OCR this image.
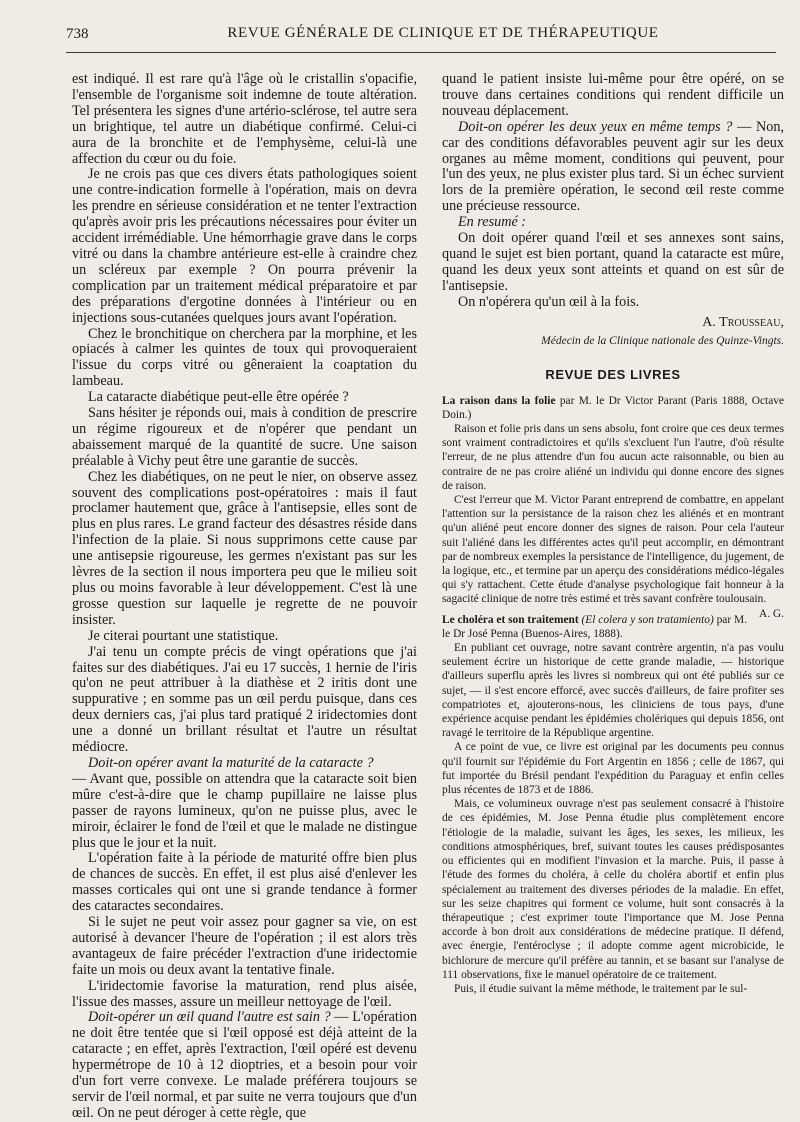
738	REVUE GÉNÉRALE DE CLINIQUE ET DE THÉRAPEUTIQUE

est indiqué. Il est rare qu'à l'âge où le cristallin s'opacifie, l'ensemble de l'organisme soit indemne de toute altération. Tel présentera les signes d'une artério-sclérose, tel autre sera un brightique, tel autre un diabétique confirmé. Celui-ci aura de la bronchite et de l'emphysème, celui-là une affection du cœur ou du foie.

Je ne crois pas que ces divers états pathologiques soient une contre-indication formelle à l'opération, mais on devra les prendre en sérieuse considération et ne tenter l'extraction qu'après avoir pris les précautions nécessaires pour éviter un accident irrémédiable. Une hémorrhagie grave dans le corps vitré ou dans la chambre antérieure est-elle à craindre chez un scléreux par exemple ? On pourra prévenir la complication par un traitement médical préparatoire et par des préparations d'ergotine données à l'intérieur ou en injections sous-cutanées quelques jours avant l'opération.

Chez le bronchitique on cherchera par la morphine, et les opiacés à calmer les quintes de toux qui provoqueraient l'issue du corps vitré ou gêneraient la coaptation du lambeau.

La cataracte diabétique peut-elle être opérée ?

Sans hésiter je réponds oui, mais à condition de prescrire un régime rigoureux et de n'opérer que pendant un abaissement marqué de la quantité de sucre. Une saison préalable à Vichy peut être une garantie de succès.

Chez les diabétiques, on ne peut le nier, on observe assez souvent des complications post-opératoires : mais il faut proclamer hautement que, grâce à l'antisepsie, elles sont de plus en plus rares. Le grand facteur des désastres réside dans l'infection de la plaie. Si nous supprimons cette cause par une antisepsie rigoureuse, les germes n'existant pas sur les lèvres de la section il nous importera peu que le milieu soit plus ou moins favorable à leur développement. C'est là une grosse question sur laquelle je regrette de ne pouvoir insister.

Je citerai pourtant une statistique.

J'ai tenu un compte précis de vingt opérations que j'ai faites sur des diabétiques. J'ai eu 17 succès, 1 hernie de l'iris qu'on ne peut attribuer à la diathèse et 2 iritis dont une suppurative ; en somme pas un œil perdu puisque, dans ces deux derniers cas, j'ai plus tard pratiqué 2 iridectomies dont une a donné un brillant résultat et l'autre un résultat médiocre.

Doit-on opérer avant la maturité de la cataracte ?

— Avant que, possible on attendra que la cataracte soit bien mûre c'est-à-dire que le champ pupillaire ne laisse plus passer de rayons lumineux, qu'on ne puisse plus, avec le miroir, éclairer le fond de l'œil et que le malade ne distingue plus que le jour et la nuit.

L'opération faite à la période de maturité offre bien plus de chances de succès. En effet, il est plus aisé d'enlever les masses corticales qui ont une si grande tendance à former des cataractes secondaires.

Si le sujet ne peut voir assez pour gagner sa vie, on est autorisé à devancer l'heure de l'opération ; il est alors très avantageux de faire précéder l'extraction d'une iridectomie faite un mois ou deux avant la tentative finale.

L'iridectomie favorise la maturation, rend plus aisée, l'issue des masses, assure un meilleur nettoyage de l'œil.

Doit-opérer un œil quand l'autre est sain ? — L'opération ne doit être tentée que si l'œil opposé est déjà atteint de la cataracte ; en effet, après l'extraction, l'œil opéré est devenu hypermétrope de 10 à 12 dioptries, et a besoin pour voir d'un fort verre convexe. Le malade préférera toujours se servir de l'œil normal, et par suite ne verra toujours que d'un œil. On ne peut déroger à cette règle, que

quand le patient insiste lui-même pour être opéré, on se trouve dans certaines conditions qui rendent difficile un nouveau déplacement.

Doit-on opérer les deux yeux en même temps ? — Non, car des conditions défavorables peuvent agir sur les deux organes au même moment, conditions qui peuvent, pour l'un des yeux, ne plus exister plus tard. Si un échec survient lors de la première opération, le second œil reste comme une précieuse ressource.

En resumé :

On doit opérer quand l'œil et ses annexes sont sains, quand le sujet est bien portant, quand la cataracte est mûre, quand les deux yeux sont atteints et quand on est sûr de l'antisepsie.

On n'opérera qu'un œil à la fois.

A. Trousseau,
Médecin de la Clinique nationale des Quinze-Vingts.
REVUE DES LIVRES

La raison dans la folie par M. le Dr Victor Parant (Paris 1888, Octave Doin.)

Raison et folie pris dans un sens absolu, font croire que ces deux termes sont vraiment contradictoires et qu'ils s'excluent l'un l'autre, d'où résulte l'erreur, de ne plus attendre d'un fou aucun acte raisonnable, ou bien au contraire de ne pas croire aliéné un individu qui donne encore des signes de raison.

C'est l'erreur que M. Victor Parant entreprend de combattre, en appelant l'attention sur la persistance de la raison chez les aliénés et en montrant qu'un aliéné peut encore donner des signes de raison. Pour cela l'auteur suit l'aliéné dans les différentes actes qu'il peut accomplir, en démontrant par de nombreux exemples la persistance de l'intelligence, du jugement, de la logique, etc., et termine par un aperçu des considérations médico-légales qui s'y rattachent. Cette étude d'analyse psychologique fait honneur à la sagacité clinique de notre très estimé et très savant confrère toulousain.
A. G.

Le choléra et son traitement (El colera y son tratamiento) par M. le Dr José Penna (Buenos-Aires, 1888).

En publiant cet ouvrage, notre savant contrère argentin, n'a pas voulu seulement écrire un historique de cette grande maladie, — historique d'ailleurs superflu après les livres si nombreux qui ont été publiés sur ce sujet, — il s'est encore efforcé, avec succès d'ailleurs, de faire profiter ses compatriotes et, ajouterons-nous, les cliniciens de tous pays, d'une expérience acquise pendant les épidémies cholériques qui depuis 1856, ont ravagé le territoire de la République argentine.

A ce point de vue, ce livre est original par les documents peu connus qu'il fournit sur l'épidémie du Fort Argentin en 1856 ; celle de 1867, qui fut importée du Brésil pendant l'expédition du Paraguay et enfin celles plus récentes de 1873 et de 1886.

Mais, ce volumineux ouvrage n'est pas seulement consacré à l'histoire de ces épidémies, M. Jose Penna étudie plus complètement encore l'étiologie de la maladie, suivant les âges, les sexes, les milieux, les conditions atmosphériques, bref, suivant toutes les causes prédisposantes ou efficientes qui en modifient l'invasion et la marche. Puis, il passe à l'étude des formes du choléra, à celle du choléra abortif et enfin plus spécialement au traitement des diverses périodes de la maladie. En effet, sur les seize chapitres qui forment ce volume, huit sont consacrés à la thérapeutique ; c'est exprimer toute l'importance que M. Jose Penna accorde à bon droit aux considérations de médecine pratique. Il défend, avec énergie, l'entéroclyse ; il adopte comme agent microbicide, le bichlorure de mercure qu'il préfère au tannin, et se basant sur l'analyse de 111 observations, fixe le manuel opératoire de ce traitement.

Puis, il étudie suivant la même méthode, le traitement par le sul-
